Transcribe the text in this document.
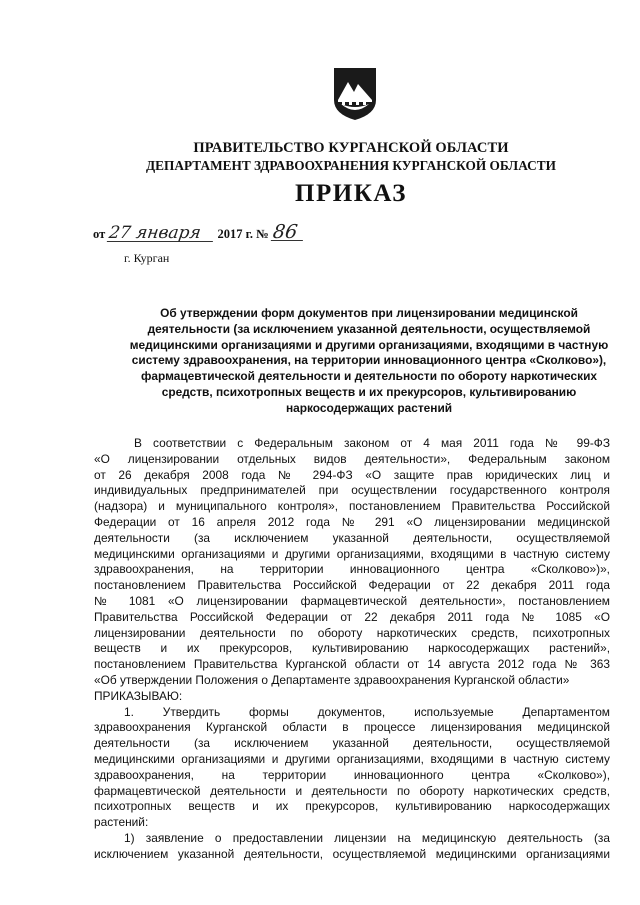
ПРАВИТЕЛЬСТВО КУРГАНСКОЙ ОБЛАСТИ
ДЕПАРТАМЕНТ ЗДРАВООХРАНЕНИЯ КУРГАНСКОЙ ОБЛАСТИ
ПРИКАЗ
от 27 января 2017 г. № 86
г. Курган
Об утверждении форм документов при лицензировании медицинской
деятельности (за исключением указанной деятельности, осуществляемой
медицинскими организациями и другими организациями, входящими в частную
систему здравоохранения, на территории инновационного центра «Сколково»),
фармацевтической деятельности и деятельности по обороту наркотических
средств, психотропных веществ и их прекурсоров, культивированию
наркосодержащих растений
В соответствии с Федеральным законом от 4 мая 2011 года № 99-ФЗ
«О лицензировании отдельных видов деятельности», Федеральным законом
от 26 декабря 2008 года № 294-ФЗ «О защите прав юридических лиц и
индивидуальных предпринимателей при осуществлении государственного контроля
(надзора) и муниципального контроля», постановлением Правительства Российской
Федерации от 16 апреля 2012 года № 291 «О лицензировании медицинской
деятельности (за исключением указанной деятельности, осуществляемой
медицинскими организациями и другими организациями, входящими в частную систему
здравоохранения, на территории инновационного центра «Сколково»)»,
постановлением Правительства Российской Федерации от 22 декабря 2011 года
№ 1081 «О лицензировании фармацевтической деятельности», постановлением
Правительства Российской Федерации от 22 декабря 2011 года № 1085 «О
лицензировании деятельности по обороту наркотических средств, психотропных
веществ и их прекурсоров, культивированию наркосодержащих растений»,
постановлением Правительства Курганской области от 14 августа 2012 года № 363
«Об утверждении Положения о Департаменте здравоохранения Курганской области»
ПРИКАЗЫВАЮ:
1. Утвердить формы документов, используемые Департаментом
здравоохранения Курганской области в процессе лицензирования медицинской
деятельности (за исключением указанной деятельности, осуществляемой
медицинскими организациями и другими организациями, входящими в частную систему
здравоохранения, на территории инновационного центра «Сколково»),
фармацевтической деятельности и деятельности по обороту наркотических средств,
психотропных веществ и их прекурсоров, культивированию наркосодержащих
растений:
1) заявление о предоставлении лицензии на медицинскую деятельность (за
исключением указанной деятельности, осуществляемой медицинскими организациями
